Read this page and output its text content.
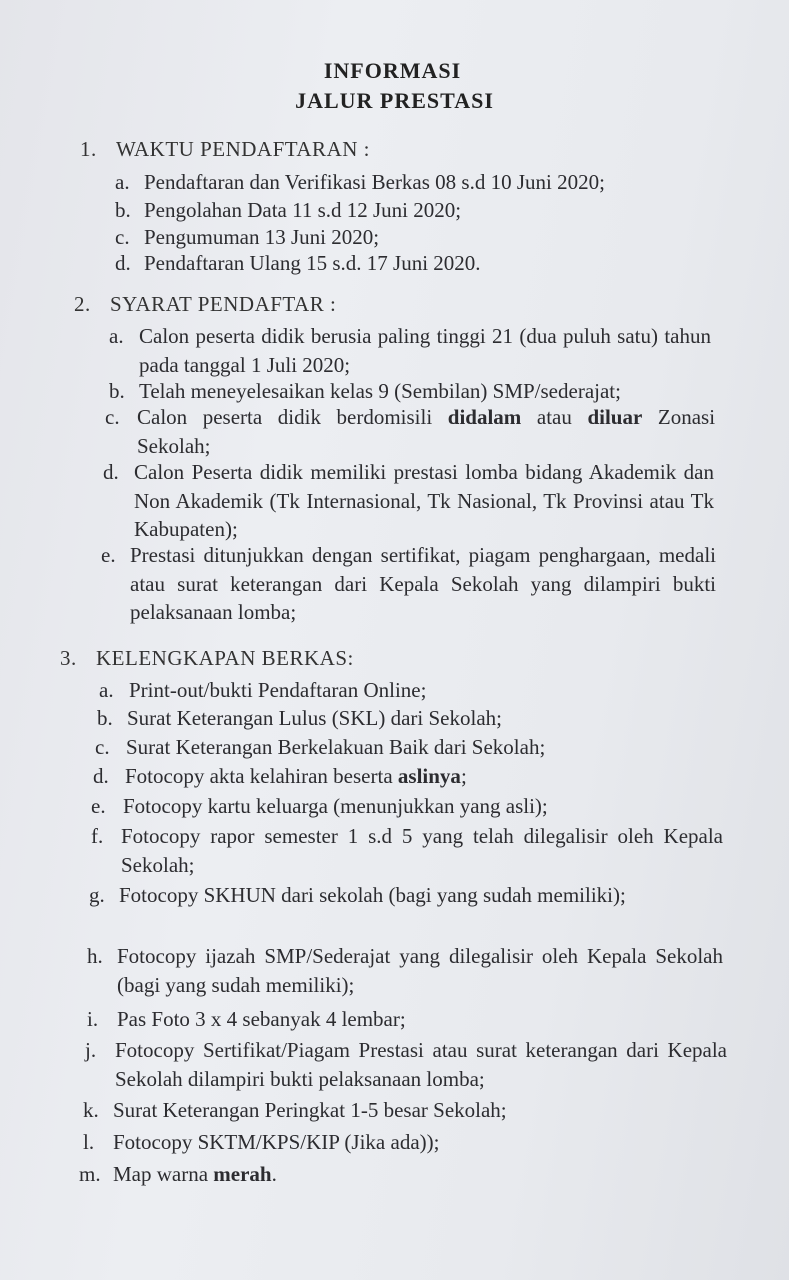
INFORMASI
JALUR PRESTASI
1. WAKTU PENDAFTARAN :
a. Pendaftaran dan Verifikasi Berkas 08 s.d 10 Juni 2020;
b. Pengolahan Data 11 s.d 12 Juni 2020;
c. Pengumuman 13 Juni 2020;
d. Pendaftaran Ulang 15 s.d. 17 Juni 2020.
2. SYARAT PENDAFTAR :
a. Calon peserta didik berusia paling tinggi 21 (dua puluh satu) tahun pada tanggal 1 Juli 2020;
b. Telah meneyelesaikan kelas 9 (Sembilan) SMP/sederajat;
c. Calon peserta didik berdomisili didalam atau diluar Zonasi Sekolah;
d. Calon Peserta didik memiliki prestasi lomba bidang Akademik dan Non Akademik (Tk Internasional, Tk Nasional, Tk Provinsi atau Tk Kabupaten);
e. Prestasi ditunjukkan dengan sertifikat, piagam penghargaan, medali atau surat keterangan dari Kepala Sekolah yang dilampiri bukti pelaksanaan lomba;
3. KELENGKAPAN BERKAS:
a. Print-out/bukti Pendaftaran Online;
b. Surat Keterangan Lulus (SKL) dari Sekolah;
c. Surat Keterangan Berkelakuan Baik dari Sekolah;
d. Fotocopy akta kelahiran beserta aslinya;
e. Fotocopy kartu keluarga (menunjukkan yang asli);
f. Fotocopy rapor semester 1 s.d 5 yang telah dilegalisir oleh Kepala Sekolah;
g. Fotocopy SKHUN dari sekolah (bagi yang sudah memiliki);
h. Fotocopy ijazah SMP/Sederajat yang dilegalisir oleh Kepala Sekolah (bagi yang sudah memiliki);
i. Pas Foto 3 x 4 sebanyak 4 lembar;
j. Fotocopy Sertifikat/Piagam Prestasi atau surat keterangan dari Kepala Sekolah dilampiri bukti pelaksanaan lomba;
k. Surat Keterangan Peringkat 1-5 besar Sekolah;
l. Fotocopy SKTM/KPS/KIP (Jika ada));
m. Map warna merah.
